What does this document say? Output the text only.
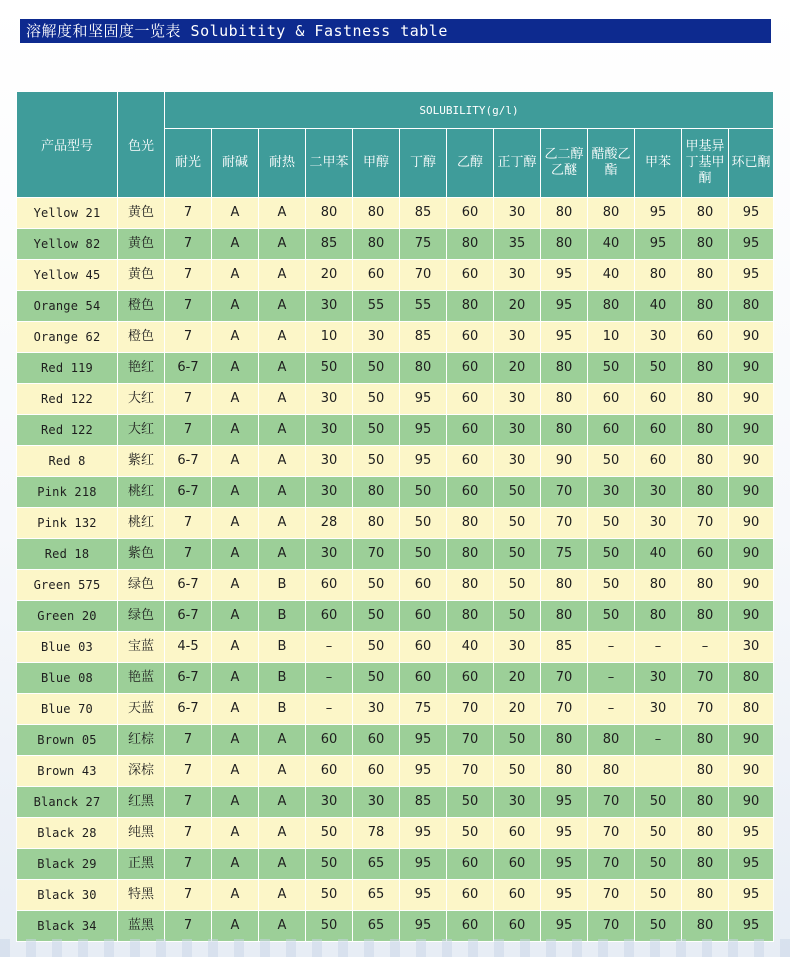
溶解度和坚固度一览表 Solubitity & Fastness table
产品型号	色光	SOLUBILITY(g/l)												
		耐光	耐碱	耐热	二甲苯	甲醇	丁醇	乙醇	正丁醇	乙二醇乙醚	醋酸乙酯	甲苯	甲基异丁基甲酮	环已酮
Yellow 21	黄色	7	A	A	80	80	85	60	30	80	80	95	80	95
Yellow 82	黄色	7	A	A	85	80	75	80	35	80	40	95	80	95
Yellow 45	黄色	7	A	A	20	60	70	60	30	95	40	80	80	95
Orange 54	橙色	7	A	A	30	55	55	80	20	95	80	40	80	80
Orange 62	橙色	7	A	A	10	30	85	60	30	95	10	30	60	90
Red 119	艳红	6-7	A	A	50	50	80	60	20	80	50	50	80	90
Red 122	大红	7	A	A	30	50	95	60	30	80	60	60	80	90
Red 122	大红	7	A	A	30	50	95	60	30	80	60	60	80	90
Red 8	紫红	6-7	A	A	30	50	95	60	30	90	50	60	80	90
Pink 218	桃红	6-7	A	A	30	80	50	60	50	70	30	30	80	90
Pink 132	桃红	7	A	A	28	80	50	80	50	70	50	30	70	90
Red 18	紫色	7	A	A	30	70	50	80	50	75	50	40	60	90
Green 575	绿色	6-7	A	B	60	50	60	80	50	80	50	80	80	90
Green 20	绿色	6-7	A	B	60	50	60	80	50	80	50	80	80	90
Blue 03	宝蓝	4-5	A	B	–	50	60	40	30	85	–	–	–	30
Blue 08	艳蓝	6-7	A	B	–	50	60	60	20	70	–	30	70	80
Blue 70	天蓝	6-7	A	B	–	30	75	70	20	70	–	30	70	80
Brown 05	红棕	7	A	A	60	60	95	70	50	80	80	–	80	90
Brown 43	深棕	7	A	A	60	60	95	70	50	80	80		80	90
Blanck 27	红黑	7	A	A	30	30	85	50	30	95	70	50	80	90
Black 28	纯黑	7	A	A	50	78	95	50	60	95	70	50	80	95
Black 29	正黑	7	A	A	50	65	95	60	60	95	70	50	80	95
Black 30	特黑	7	A	A	50	65	95	60	60	95	70	50	80	95
Black 34	蓝黑	7	A	A	50	65	95	60	60	95	70	50	80	95
